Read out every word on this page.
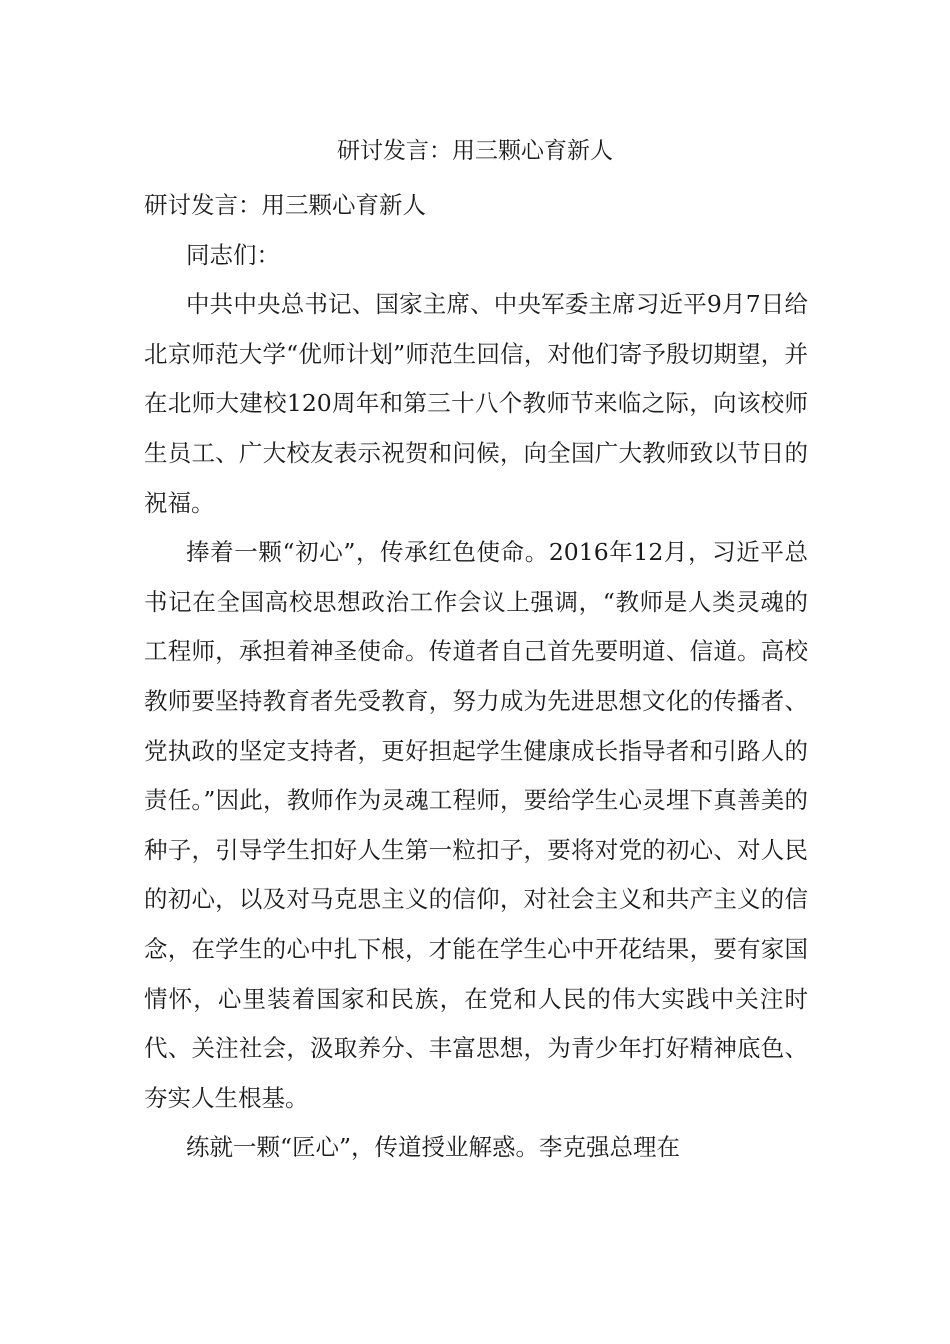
研讨发言：用三颗心育新人

研讨发言：用三颗心育新人

同志们：

中共中央总书记、国家主席、中央军委主席习近平9月7日给北京师范大学“优师计划”师范生回信，对他们寄予殷切期望，并在北师大建校120周年和第三十八个教师节来临之际，向该校师生员工、广大校友表示祝贺和问候，向全国广大教师致以节日的祝福。

捧着一颗“初心”，传承红色使命。2016年12月，习近平总书记在全国高校思想政治工作会议上强调，“教师是人类灵魂的工程师，承担着神圣使命。传道者自己首先要明道、信道。高校教师要坚持教育者先受教育，努力成为先进思想文化的传播者、党执政的坚定支持者，更好担起学生健康成长指导者和引路人的责任。”因此，教师作为灵魂工程师，要给学生心灵埋下真善美的种子，引导学生扣好人生第一粒扣子，要将对党的初心、对人民的初心，以及对马克思主义的信仰，对社会主义和共产主义的信念，在学生的心中扎下根，才能在学生心中开花结果，要有家国情怀，心里装着国家和民族，在党和人民的伟大实践中关注时代、关注社会，汲取养分、丰富思想，为青少年打好精神底色、夯实人生根基。

练就一颗“匠心”，传道授业解惑。李克强总理在
